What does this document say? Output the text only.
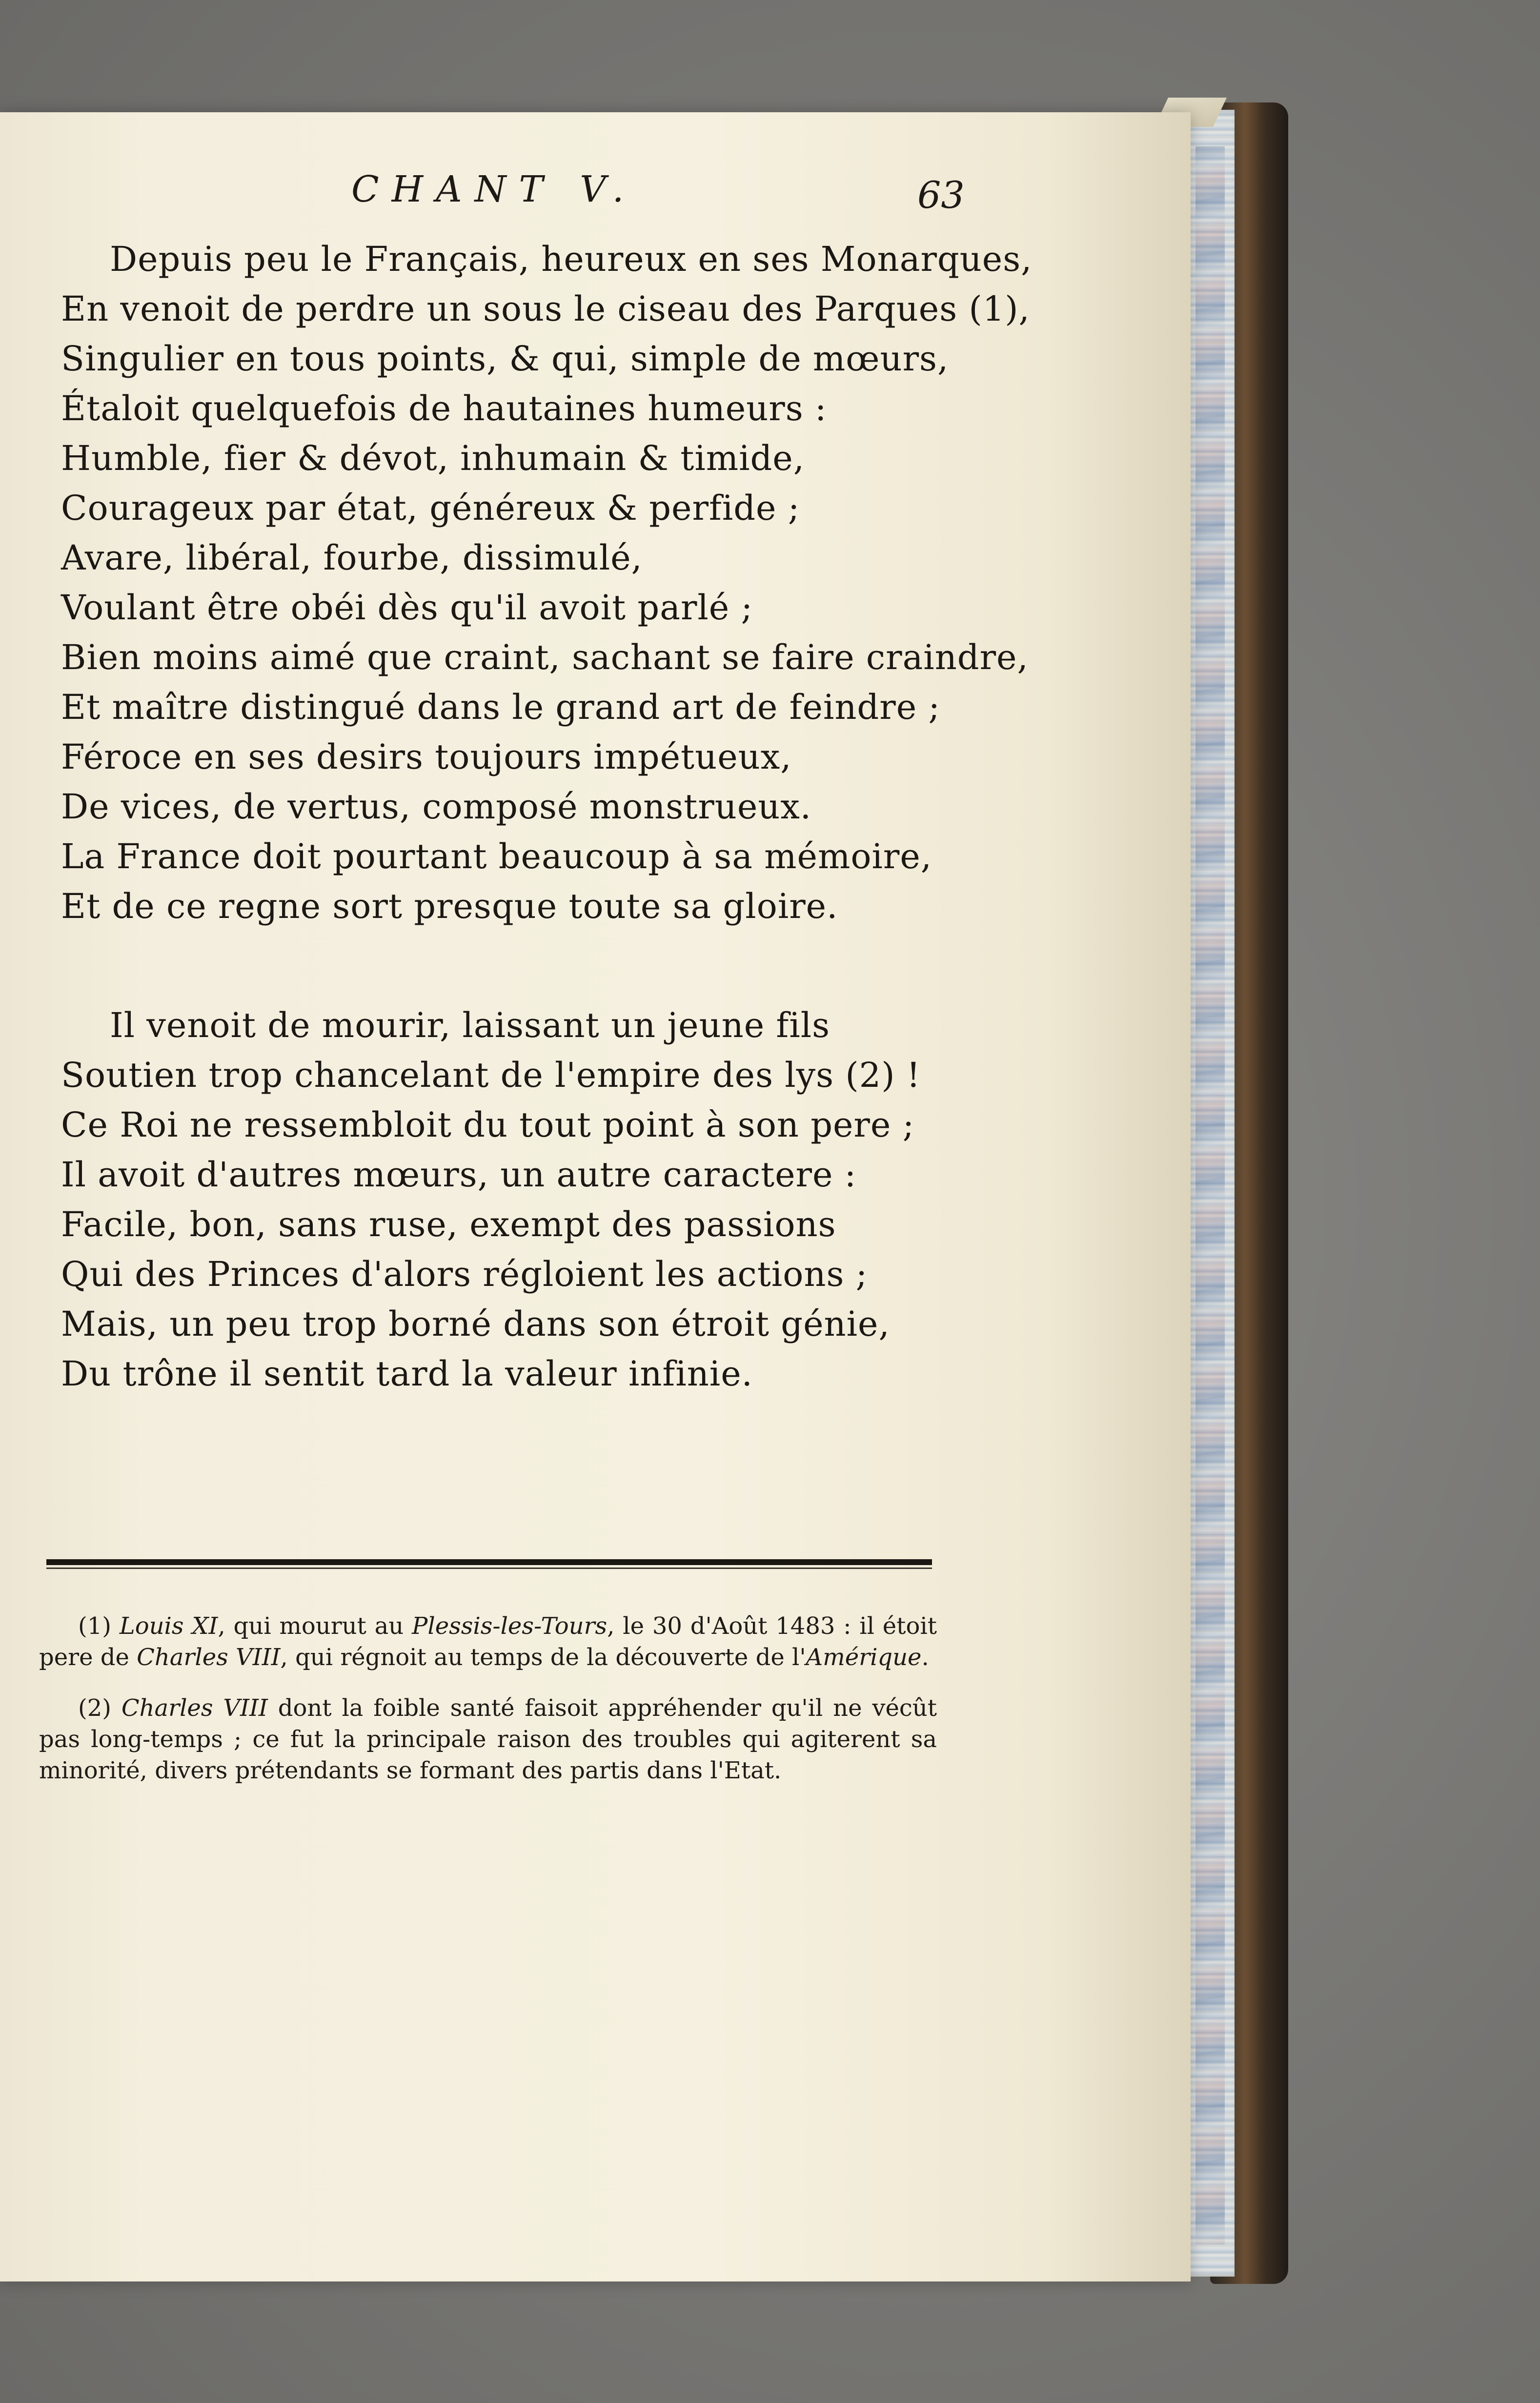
CHANT V.	63
Depuis peu le Français, heureux en ses Monarques,
En venoit de perdre un sous le ciseau des Parques (1),
Singulier en tous points, & qui, simple de mœurs,
Étaloit quelquefois de hautaines humeurs :
Humble, fier & dévot, inhumain & timide,
Courageux par état, généreux & perfide ;
Avare, libéral, fourbe, dissimulé,
Voulant être obéi dès qu'il avoit parlé ;
Bien moins aimé que craint, sachant se faire craindre,
Et maître distingué dans le grand art de feindre ;
Féroce en ses desirs toujours impétueux,
De vices, de vertus, composé monstrueux.
La France doit pourtant beaucoup à sa mémoire,
Et de ce regne sort presque toute sa gloire.
Il venoit de mourir, laissant un jeune fils
Soutien trop chancelant de l'empire des lys (2) !
Ce Roi ne ressembloit du tout point à son pere ;
Il avoit d'autres mœurs, un autre caractere :
Facile, bon, sans ruse, exempt des passions
Qui des Princes d'alors régloient les actions ;
Mais, un peu trop borné dans son étroit génie,
Du trône il sentit tard la valeur infinie.

(1) Louis XI, qui mourut au Plessis-les-Tours, le 30 d'Août 1483 : il étoit pere de Charles VIII, qui régnoit au temps de la découverte de l'Amérique.

(2) Charles VIII dont la foible santé faisoit appréhender qu'il ne vécût pas long-temps ; ce fut la principale raison des troubles qui agiterent sa minorité, divers prétendants se formant des partis dans l'Etat.
